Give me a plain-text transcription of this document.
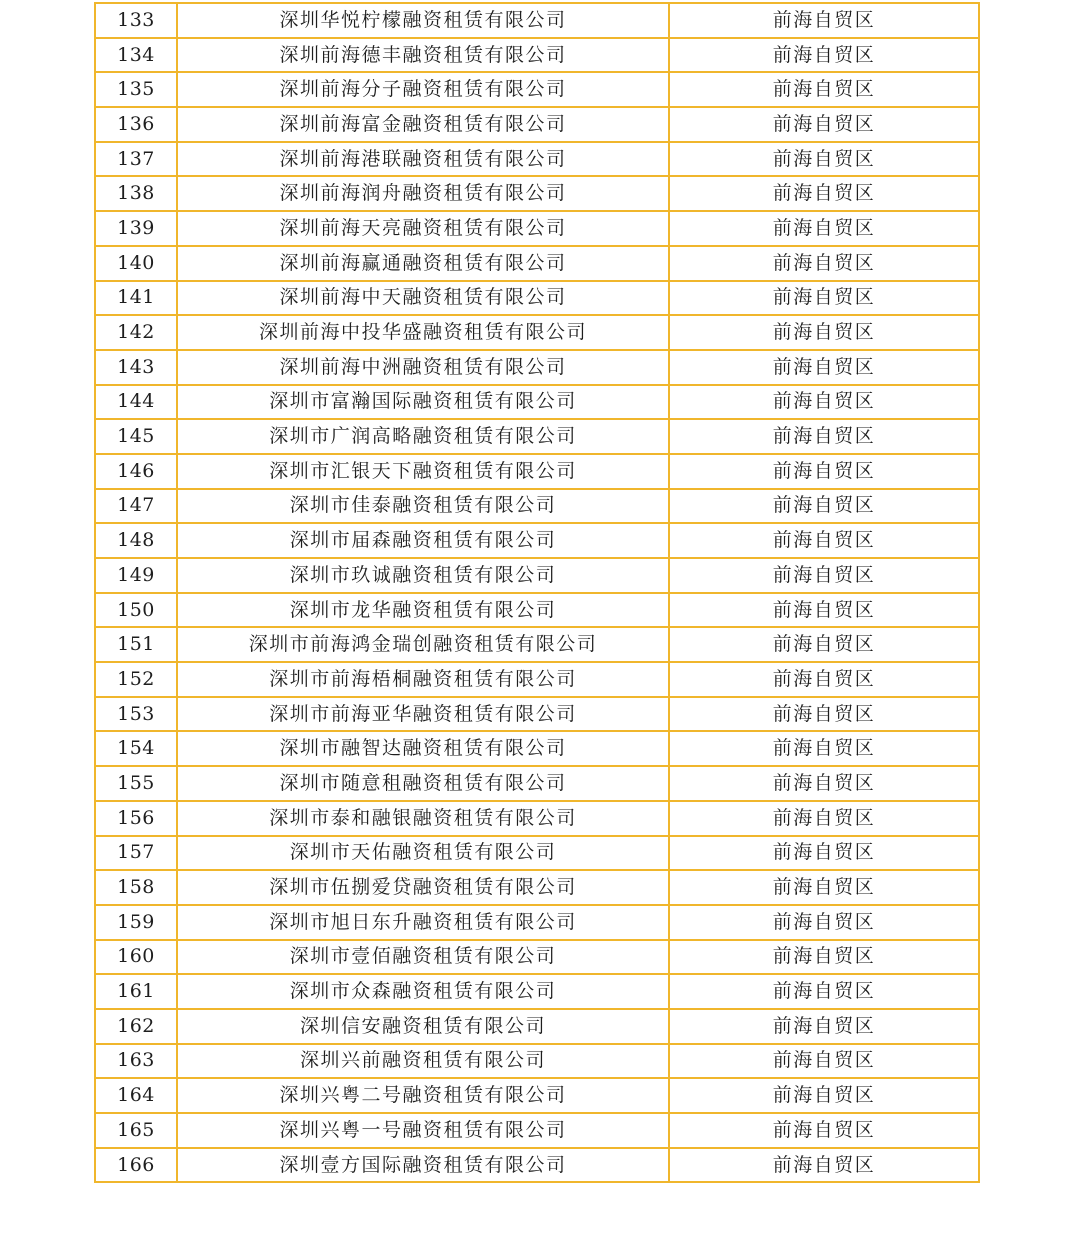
133	深圳华悦柠檬融资租赁有限公司	前海自贸区
134	深圳前海德丰融资租赁有限公司	前海自贸区
135	深圳前海分子融资租赁有限公司	前海自贸区
136	深圳前海富金融资租赁有限公司	前海自贸区
137	深圳前海港联融资租赁有限公司	前海自贸区
138	深圳前海润舟融资租赁有限公司	前海自贸区
139	深圳前海天亮融资租赁有限公司	前海自贸区
140	深圳前海赢通融资租赁有限公司	前海自贸区
141	深圳前海中天融资租赁有限公司	前海自贸区
142	深圳前海中投华盛融资租赁有限公司	前海自贸区
143	深圳前海中洲融资租赁有限公司	前海自贸区
144	深圳市富瀚国际融资租赁有限公司	前海自贸区
145	深圳市广润高略融资租赁有限公司	前海自贸区
146	深圳市汇银天下融资租赁有限公司	前海自贸区
147	深圳市佳泰融资租赁有限公司	前海自贸区
148	深圳市届森融资租赁有限公司	前海自贸区
149	深圳市玖诚融资租赁有限公司	前海自贸区
150	深圳市龙华融资租赁有限公司	前海自贸区
151	深圳市前海鸿金瑞创融资租赁有限公司	前海自贸区
152	深圳市前海梧桐融资租赁有限公司	前海自贸区
153	深圳市前海亚华融资租赁有限公司	前海自贸区
154	深圳市融智达融资租赁有限公司	前海自贸区
155	深圳市随意租融资租赁有限公司	前海自贸区
156	深圳市泰和融银融资租赁有限公司	前海自贸区
157	深圳市天佑融资租赁有限公司	前海自贸区
158	深圳市伍捌爱贷融资租赁有限公司	前海自贸区
159	深圳市旭日东升融资租赁有限公司	前海自贸区
160	深圳市壹佰融资租赁有限公司	前海自贸区
161	深圳市众森融资租赁有限公司	前海自贸区
162	深圳信安融资租赁有限公司	前海自贸区
163	深圳兴前融资租赁有限公司	前海自贸区
164	深圳兴粤二号融资租赁有限公司	前海自贸区
165	深圳兴粤一号融资租赁有限公司	前海自贸区
166	深圳壹方国际融资租赁有限公司	前海自贸区
